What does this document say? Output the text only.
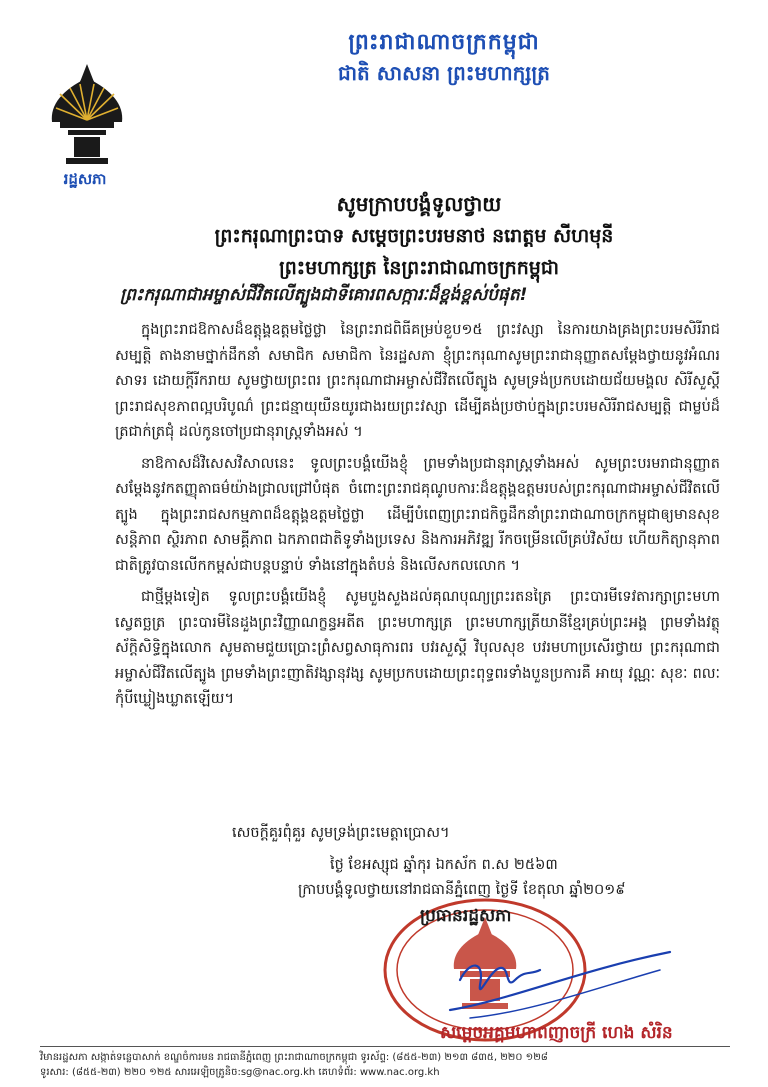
រដ្ឋសភា
ព្រះរាជាណាចក្រកម្ពុជា
ជាតិ សាសនា ព្រះមហាក្សត្រ
សូមក្រាបបង្គំទូលថ្វាយ
ព្រះករុណាព្រះបាទ សម្តេចព្រះបរមនាថ នរោត្តម សីហមុនី
ព្រះមហាក្សត្រ នៃព្រះរាជាណាចក្រកម្ពុជា
ព្រះករុណាជាអម្ចាស់ជីវិតលើត្បូងជាទីគោរពសក្ការៈដ៏ខ្ពង់ខ្ពស់បំផុត!

ក្នុងព្រះរាជឱកាសដ៏ឧត្តុង្គឧត្តមថ្លៃថ្លា នៃព្រះរាជពិធីគម្រប់ខួប១៥ ព្រះវស្សា នៃការយាងគ្រងព្រះបរមសិរីរាជសម្បត្តិ តាងនាមថ្នាក់ដឹកនាំ សមាជិក សមាជិកា នៃរដ្ឋសភា ខ្ញុំព្រះករុណាសូមព្រះរាជានុញ្ញាតសម្តែងថ្វាយនូវអំណរសាទរ ដោយក្តីរីករាយ សូមថ្វាយព្រះពរ ព្រះករុណាជាអម្ចាស់ជីវិតលើត្បូង សូមទ្រង់ប្រកបដោយជ័យមង្គល សិរីសួស្តី ព្រះរាជសុខភាពល្អបរិបូណ៌ ព្រះជន្មាយុយឺនយូរជាងរយព្រះវស្សា ដើម្បីគង់ប្រថាប់ក្នុងព្រះបរមសិរីរាជសម្បត្តិ ជាម្លប់ដ៏ត្រជាក់ត្រជុំ ដល់កូនចៅប្រជានុរាស្ត្រទាំងអស់ ។

នាឱកាសដ៏វិសេសវិសាលនេះ ទូលព្រះបង្គំយើងខ្ញុំ ព្រមទាំងប្រជានុរាស្ត្រទាំងអស់ សូមព្រះបរមរាជានុញ្ញាតសម្តែងនូវកតញ្ញុតាធម៌យ៉ាងជ្រាលជ្រៅបំផុត ចំពោះព្រះរាជគុណូបការៈដ៏ឧត្តុង្គឧត្តមរបស់ព្រះករុណាជាអម្ចាស់ជីវិតលើត្បូង ក្នុងព្រះរាជសកម្មភាពដ៏ឧត្តុង្គឧត្តមថ្លៃថ្លា ដើម្បីបំពេញព្រះរាជកិច្ចដឹកនាំព្រះរាជាណាចក្រកម្ពុជាឲ្យមានសុខសន្តិភាព ស្ថិរភាព សាមគ្គីភាព ឯកភាពជាតិទូទាំងប្រទេស និងការអភិវឌ្ឍ រីកចម្រើនលើគ្រប់វិស័យ ហើយកិត្យានុភាពជាតិត្រូវបានលើកកម្ពស់ជាបន្តបន្ទាប់ ទាំងនៅក្នុងតំបន់ និងលើសកលលោក ។

ជាថ្មីម្តងទៀត ទូលព្រះបង្គំយើងខ្ញុំ សូមបួងសួងដល់គុណបុណ្យព្រះរតនត្រៃ ព្រះបារមីទេវតារក្សាព្រះមហាស្វេតច្ឆត្រ ព្រះបារមីនៃដួងព្រះវិញ្ញាណក្ខន្ធអតីត ព្រះមហាក្សត្រ ព្រះមហាក្សត្រីយានីខ្មែរគ្រប់ព្រះអង្គ ព្រមទាំងវត្ថុស័ក្តិសិទ្ធិក្នុងលោក សូមតាមជួយប្រោះព្រំសព្វសាធុការពរ បវរសួស្តី វិបុលសុខ បវរមហាប្រសើរថ្វាយ ព្រះករុណាជាអម្ចាស់ជីវិតលើត្បូង ព្រមទាំងព្រះញាតិវង្សានុវង្ស សូមប្រកបដោយព្រះពុទ្ធពរទាំងបួនប្រការគឺ អាយុ វណ្ណៈ សុខៈ ពលៈ កុំបីឃ្លៀងឃ្លាតឡើយ។

សេចក្តីគួរពុំគួរ សូមទ្រង់ព្រះមេត្តាប្រោស។
ថ្ងៃ ខែអស្សុជ ឆ្នាំកុរ ឯកស័ក ព.ស ២៥៦៣
ក្រាបបង្គំទូលថ្វាយនៅរាជធានីភ្នំពេញ ថ្ងៃទី ខែតុលា ឆ្នាំ២០១៩
ប្រធានរដ្ឋសភា
សម្តេចអគ្គមហាពញាចក្រី ហេង សំរិន
វិមានរដ្ឋសភា សង្កាត់ទន្លេបាសាក់ ខណ្ឌចំការមន រាជធានីភ្នំពេញ ព្រះរាជាណាចក្រកម្ពុជា ទូរស័ព្ទ: (៨៥៥-២៣) ២១៣ ៨៣៥, ២២០ ១២៨
ទូរសារ: (៨៥៥-២៣) ២២០ ១២៥ សារអេឡិចត្រូនិច:sg@nac.org.kh គេហទំព័រ: www.nac.org.kh
